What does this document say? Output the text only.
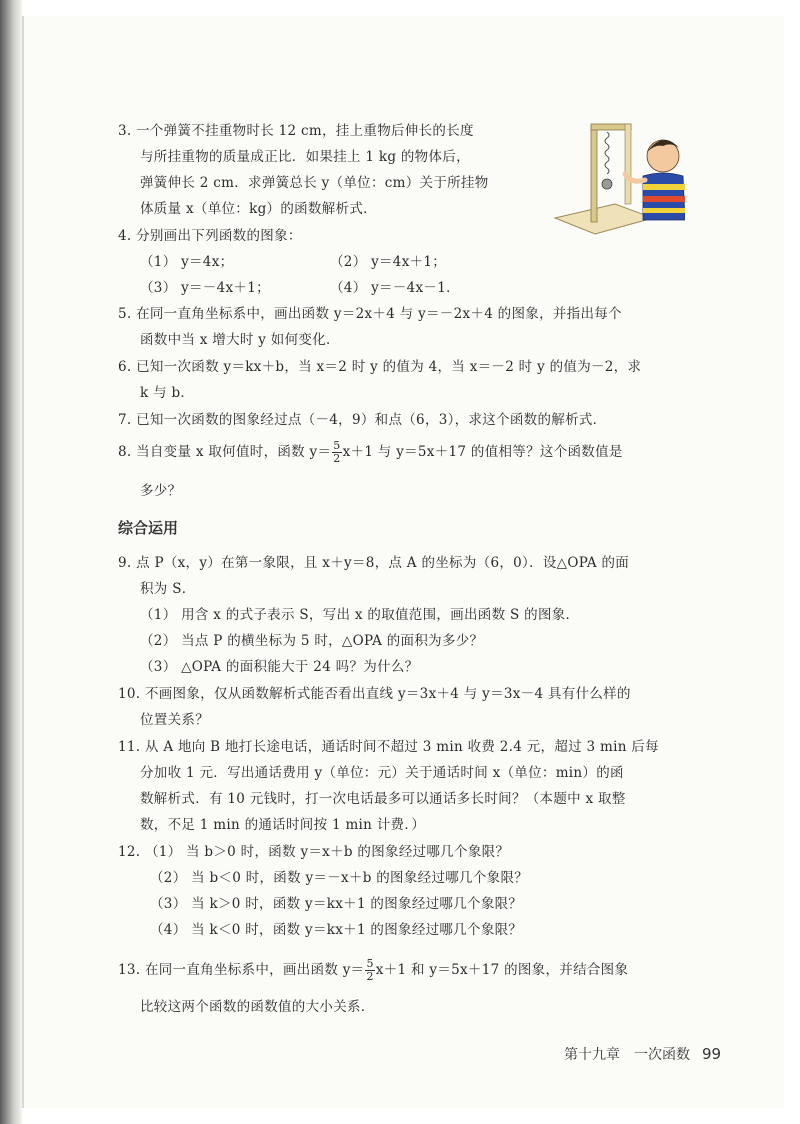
3. 一个弹簧不挂重物时长 12 cm，挂上重物后伸长的长度
与所挂重物的质量成正比．如果挂上 1 kg 的物体后，
弹簧伸长 2 cm．求弹簧总长 y（单位：cm）关于所挂物
体质量 x（单位：kg）的函数解析式．
4. 分别画出下列函数的图象：
（1） y＝4x；	（2） y＝4x＋1；
（3） y＝－4x＋1；	（4） y＝－4x－1．
5. 在同一直角坐标系中，画出函数 y＝2x＋4 与 y＝－2x＋4 的图象，并指出每个
函数中当 x 增大时 y 如何变化．
6. 已知一次函数 y＝kx＋b，当 x＝2 时 y 的值为 4，当 x＝－2 时 y 的值为－2，求
k 与 b．
7. 已知一次函数的图象经过点（－4，9）和点（6，3），求这个函数的解析式．
8. 当自变量 x 取何值时，函数 $y= \frac{5}{2} x+1$ 与 y＝5x＋17 的值相等？这个函数值是
多少？
综合运用
9. 点 P（x，y）在第一象限，且 x＋y＝8，点 A 的坐标为（6，0）．设△OPA 的面
积为 S．
（1） 用含 x 的式子表示 S，写出 x 的取值范围，画出函数 S 的图象．
（2） 当点 P 的横坐标为 5 时，△OPA 的面积为多少？
（3） △OPA 的面积能大于 24 吗？为什么？
10. 不画图象，仅从函数解析式能否看出直线 y＝3x＋4 与 y＝3x－4 具有什么样的
位置关系？
11. 从 A 地向 B 地打长途电话，通话时间不超过 3 min 收费 2.4 元，超过 3 min 后每
分加收 1 元．写出通话费用 y（单位：元）关于通话时间 x（单位：min）的函
数解析式．有 10 元钱时，打一次电话最多可以通话多长时间？（本题中 x 取整
数，不足 1 min 的通话时间按 1 min 计费．）
12. （1） 当 b＞0 时，函数 y＝x＋b 的图象经过哪几个象限？
（2） 当 b＜0 时，函数 y＝－x＋b 的图象经过哪几个象限？
（3） 当 k＞0 时，函数 y＝kx＋1 的图象经过哪几个象限？
（4） 当 k＜0 时，函数 y＝kx＋1 的图象经过哪几个象限？
13. 在同一直角坐标系中，画出函数 $y= \frac{5}{2} x+1$ 和 y＝5x＋17 的图象，并结合图象
比较这两个函数的函数值的大小关系．
第十九章　一次函数 99
